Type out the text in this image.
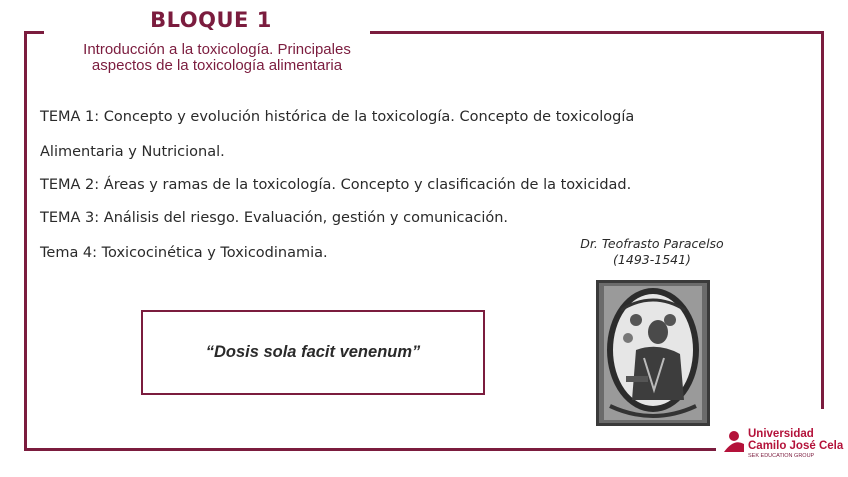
BLOQUE 1
Introducción a la toxicología. Principales
aspectos de la toxicología alimentaria
TEMA 1: Concepto y evolución histórica de la toxicología. Concepto de toxicología
Alimentaria y Nutricional.
TEMA 2: Áreas y ramas de la toxicología. Concepto y clasificación de la toxicidad.
TEMA 3: Análisis del riesgo. Evaluación, gestión y comunicación.
Tema 4: Toxicocinética y Toxicodinamia.
“Dosis sola facit venenum”
Dr. Teofrasto Paracelso
(1493-1541)
Universidad
Camilo José Cela
SEK EDUCATION GROUP
